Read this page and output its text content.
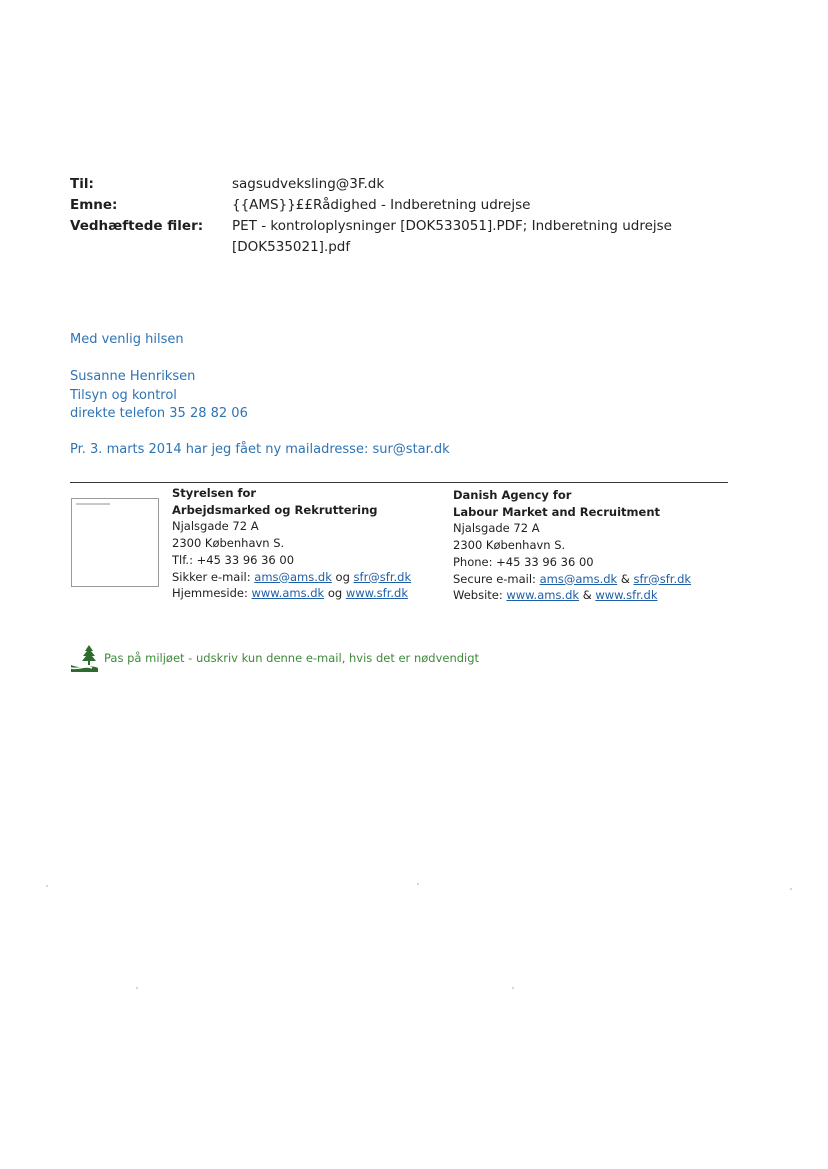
Til:	sagsudveksling@3F.dk
Emne:	{{AMS}}££Rådighed - Indberetning udrejse
Vedhæftede filer:	PET - kontroloplysninger [DOK533051].PDF; Indberetning udrejse
[DOK535021].pdf
Med venlig hilsen
Susanne Henriksen
Tilsyn og kontrol
direkte telefon 35 28 82 06
Pr. 3. marts 2014 har jeg fået ny mailadresse: sur@star.dk
Styrelsen for
Arbejdsmarked og Rekruttering
Njalsgade 72 A
2300 København S.
Tlf.: +45 33 96 36 00
Sikker e-mail: ams@ams.dk og sfr@sfr.dk
Hjemmeside: www.ams.dk og www.sfr.dk
Danish Agency for
Labour Market and Recruitment
Njalsgade 72 A
2300 København S.
Phone: +45 33 96 36 00
Secure e-mail: ams@ams.dk & sfr@sfr.dk
Website: www.ams.dk & www.sfr.dk
Pas på miljøet - udskriv kun denne e-mail, hvis det er nødvendigt
